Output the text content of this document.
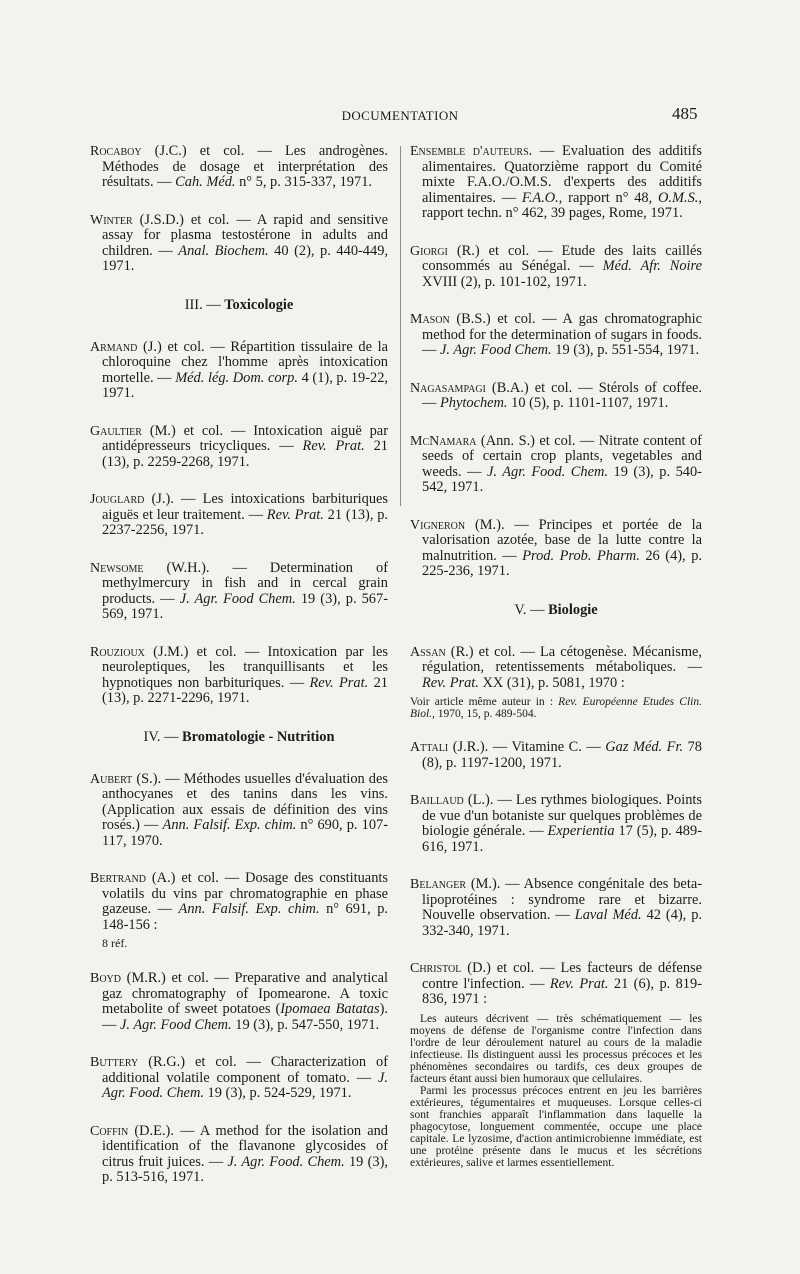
DOCUMENTATION	485

Rocaboy (J.C.) et col. — Les androgènes. Méthodes de dosage et interprétation des résultats. — Cah. Méd. n° 5, p. 315-337, 1971.

Winter (J.S.D.) et col. — A rapid and sensitive assay for plasma testostérone in adults and children. — Anal. Biochem. 40 (2), p. 440-449, 1971.

III. — Toxicologie

Armand (J.) et col. — Répartition tissulaire de la chloroquine chez l'homme après intoxication mortelle. — Méd. lég. Dom. corp. 4 (1), p. 19-22, 1971.

Gaultier (M.) et col. — Intoxication aiguë par antidépresseurs tricycliques. — Rev. Prat. 21 (13), p. 2259-2268, 1971.

Jouglard (J.). — Les intoxications barbituriques aiguës et leur traitement. — Rev. Prat. 21 (13), p. 2237-2256, 1971.

Newsome (W.H.). — Determination of methylmercury in fish and in cercal grain products. — J. Agr. Food Chem. 19 (3), p. 567-569, 1971.

Rouzioux (J.M.) et col. — Intoxication par les neuroleptiques, les tranquillisants et les hypnotiques non barbituriques. — Rev. Prat. 21 (13), p. 2271-2296, 1971.

IV. — Bromatologie - Nutrition

Aubert (S.). — Méthodes usuelles d'évaluation des anthocyanes et des tanins dans les vins. (Application aux essais de définition des vins rosés.) — Ann. Falsif. Exp. chim. n° 690, p. 107-117, 1970.

Bertrand (A.) et col. — Dosage des constituants volatils du vins par chromatographie en phase gazeuse. — Ann. Falsif. Exp. chim. n° 691, p. 148-156 :

8 réf.

Boyd (M.R.) et col. — Preparative and analytical gaz chromatography of Ipomearone. A toxic metabolite of sweet potatoes (Ipomaea Batatas). — J. Agr. Food Chem. 19 (3), p. 547-550, 1971.

Buttery (R.G.) et col. — Characterization of additional volatile component of tomato. — J. Agr. Food. Chem. 19 (3), p. 524-529, 1971.

Coffin (D.E.). — A method for the isolation and identification of the flavanone glycosides of citrus fruit juices. — J. Agr. Food. Chem. 19 (3), p. 513-516, 1971.

Ensemble d'auteurs. — Evaluation des additifs alimentaires. Quatorzième rapport du Comité mixte F.A.O./O.M.S. d'experts des additifs alimentaires. — F.A.O., rapport n° 48, O.M.S., rapport techn. n° 462, 39 pages, Rome, 1971.

Giorgi (R.) et col. — Etude des laits caillés consommés au Sénégal. — Méd. Afr. Noire XVIII (2), p. 101-102, 1971.

Mason (B.S.) et col. — A gas chromatographic method for the determination of sugars in foods. — J. Agr. Food Chem. 19 (3), p. 551-554, 1971.

Nagasampagi (B.A.) et col. — Stérols of coffee. — Phytochem. 10 (5), p. 1101-1107, 1971.

McNamara (Ann. S.) et col. — Nitrate content of seeds of certain crop plants, vegetables and weeds. — J. Agr. Food. Chem. 19 (3), p. 540-542, 1971.

Vigneron (M.). — Principes et portée de la valorisation azotée, base de la lutte contre la malnutrition. — Prod. Prob. Pharm. 26 (4), p. 225-236, 1971.

V. — Biologie

Assan (R.) et col. — La cétogenèse. Mécanisme, régulation, retentissements métaboliques. — Rev. Prat. XX (31), p. 5081, 1970 :

Voir article même auteur in : Rev. Européenne Etudes Clin. Biol., 1970, 15, p. 489-504.

Attali (J.R.). — Vitamine C. — Gaz Méd. Fr. 78 (8), p. 1197-1200, 1971.

Baillaud (L.). — Les rythmes biologiques. Points de vue d'un botaniste sur quelques problèmes de biologie générale. — Experientia 17 (5), p. 489-616, 1971.

Belanger (M.). — Absence congénitale des beta-lipoprotéines : syndrome rare et bizarre. Nouvelle observation. — Laval Méd. 42 (4), p. 332-340, 1971.

Christol (D.) et col. — Les facteurs de défense contre l'infection. — Rev. Prat. 21 (6), p. 819-836, 1971 :

Les auteurs décrivent — très schématiquement — les moyens de défense de l'organisme contre l'infection dans l'ordre de leur déroulement naturel au cours de la maladie infectieuse. Ils distinguent aussi les processus précoces et les phénomènes secondaires ou tardifs, ces deux groupes de facteurs étant aussi bien humoraux que cellulaires.

Parmi les processus précoces entrent en jeu les barrières extérieures, tégumentaires et muqueuses. Lorsque celles-ci sont franchies apparaît l'inflammation dans laquelle la phagocytose, longuement commentée, occupe une place capitale. Le lyzosime, d'action antimicrobienne immédiate, est une protéine présente dans le mucus et les sécrétions extérieures, salive et larmes essentiellement.
